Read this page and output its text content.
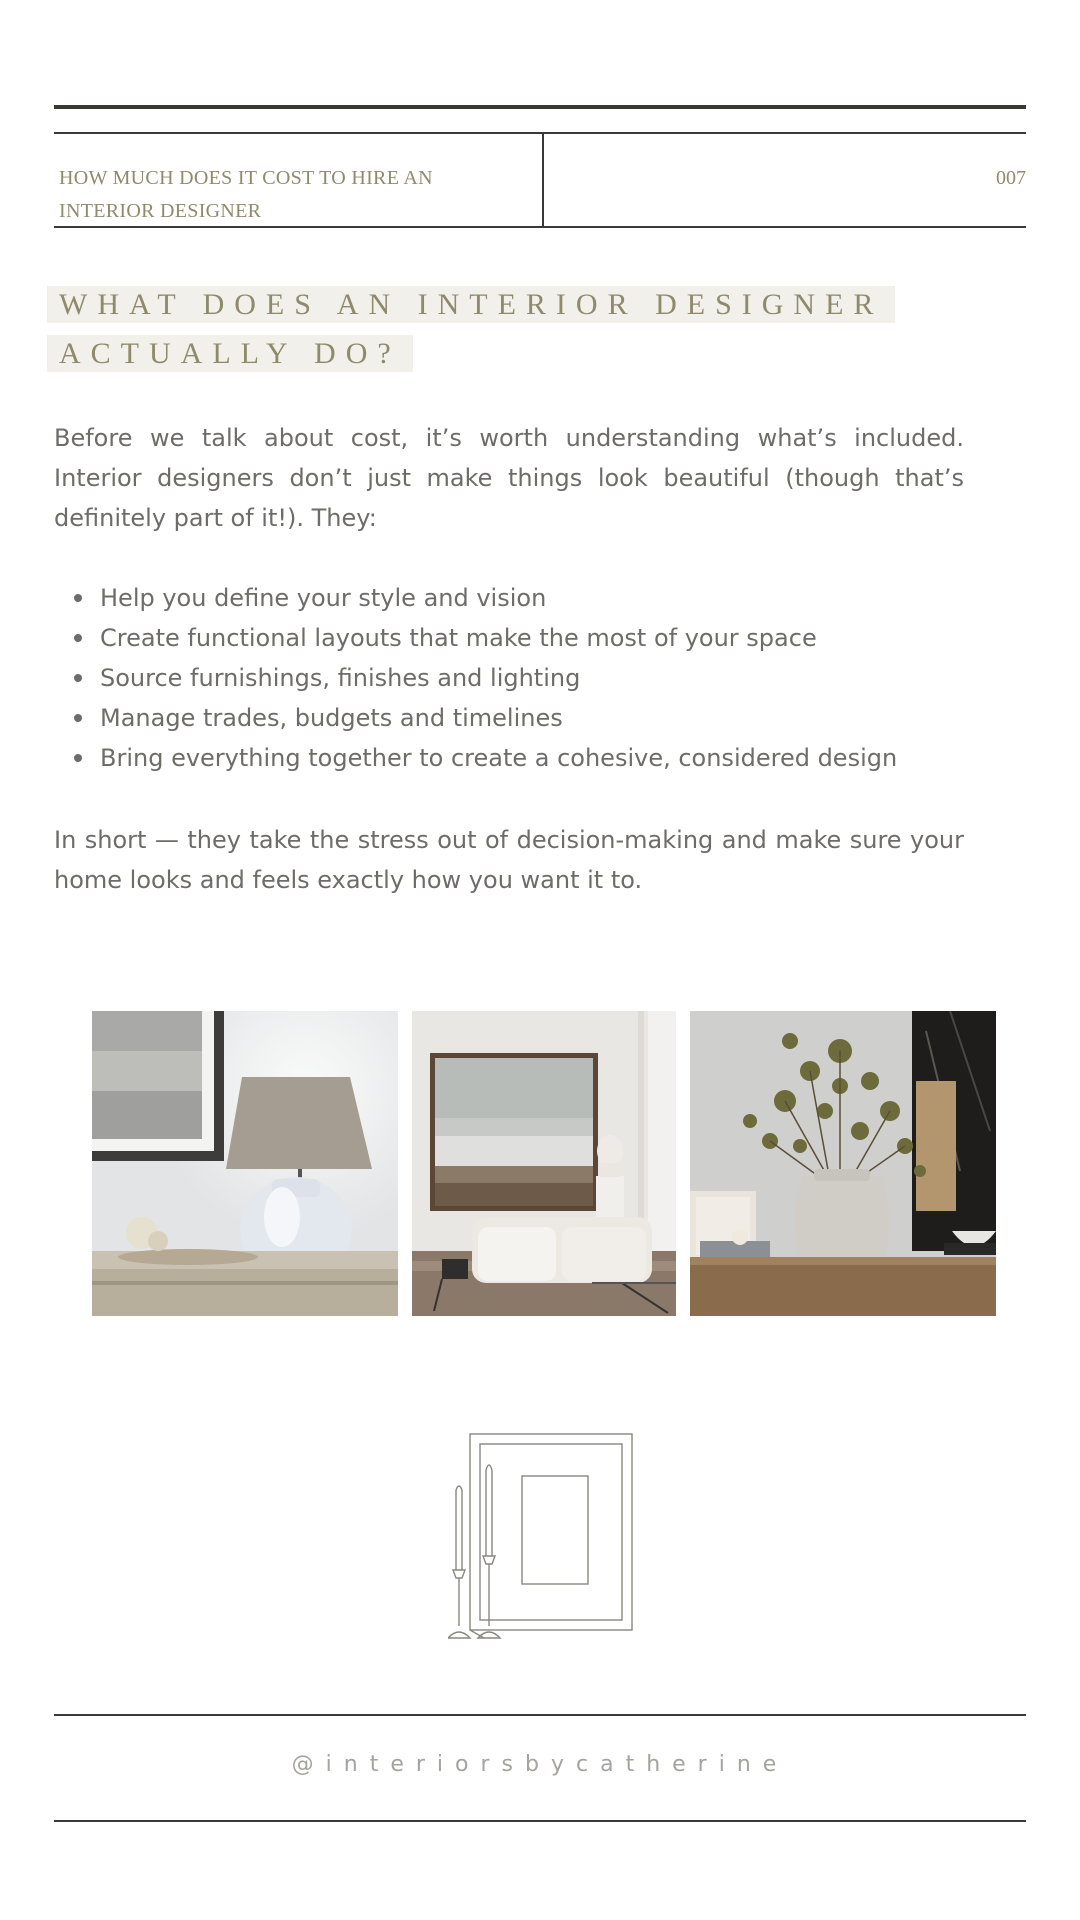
HOW MUCH DOES IT COST TO HIRE AN INTERIOR DESIGNER
007
WHAT DOES AN INTERIOR DESIGNER
ACTUALLY DO?

Before we talk about cost, it’s worth understanding what’s included. Interior designers don’t just make things look beautiful (though that’s definitely part of it!). They:

Help you define your style and vision
Create functional layouts that make the most of your space
Source furnishings, finishes and lighting
Manage trades, budgets and timelines
Bring everything together to create a cohesive, considered design

In short — they take the stress out of decision-making and make sure your home looks and feels exactly how you want it to.

@interiorsbycatherine
